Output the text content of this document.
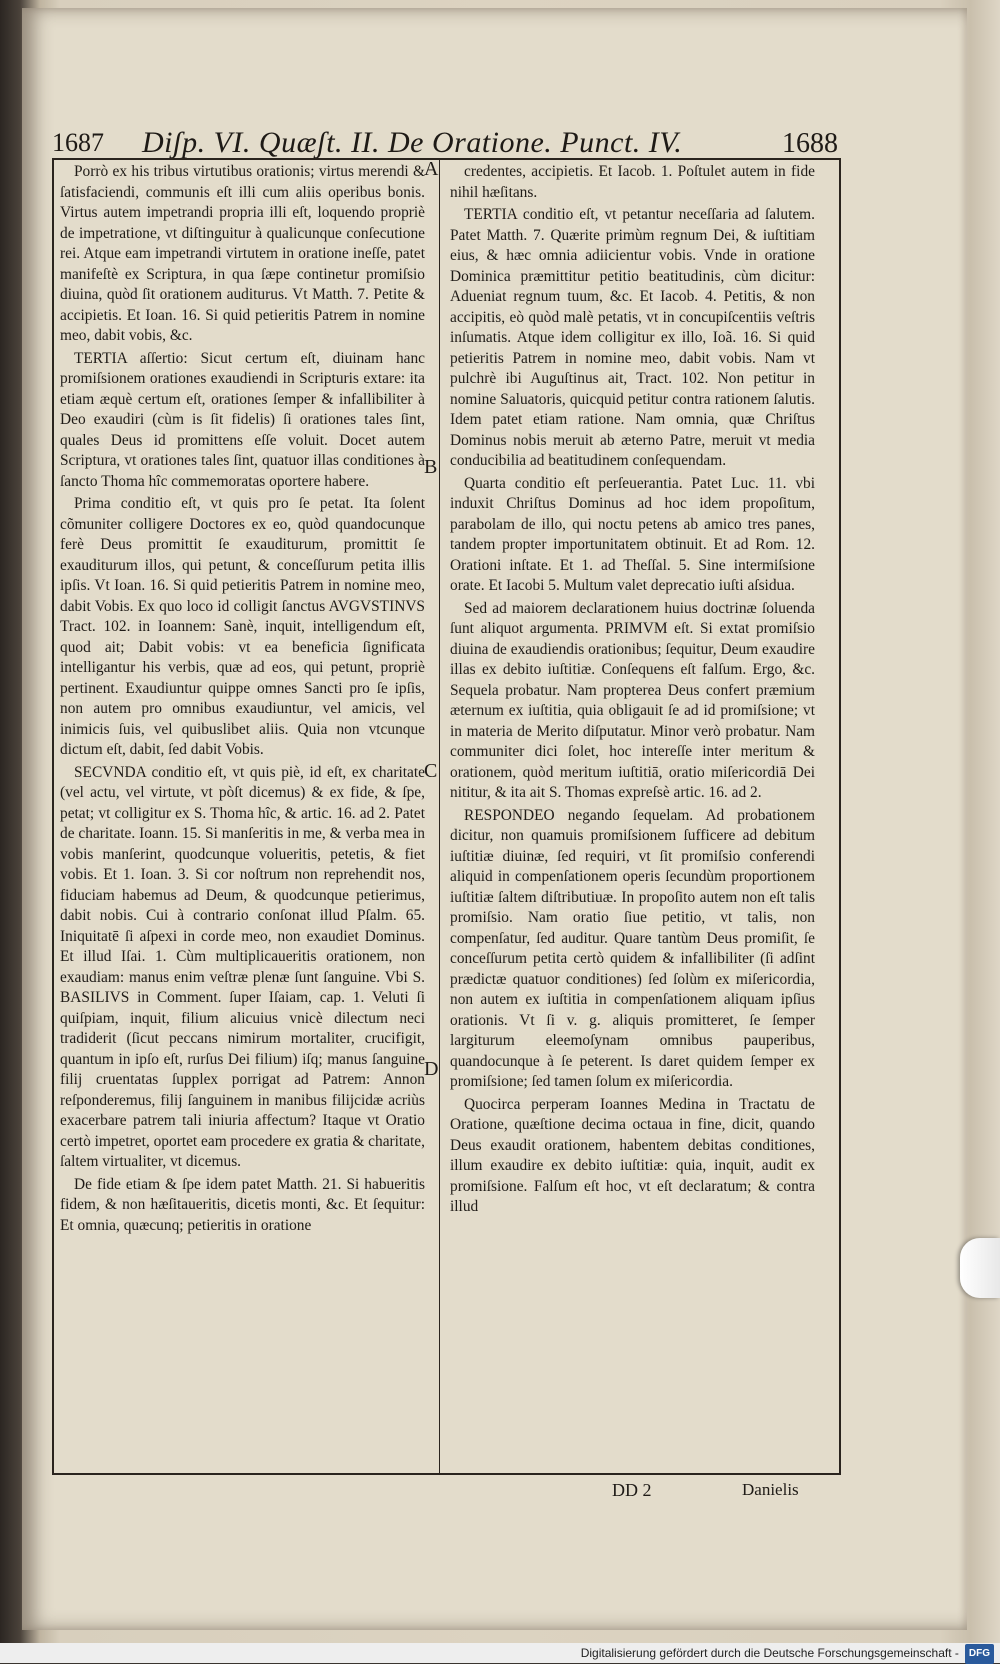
1687 Diʃp. VI. Quæʃt. II. De Oratione. Punct. IV.	1688

Porrò ex his tribus virtutibus orationis; virtus merendi & ſatisfaciendi, communis eſt illi cum aliis operibus bonis. Virtus autem impetrandi propria illi eſt, loquendo propriè de impetratione, vt diſtinguitur à qualicunque conſecutione rei. Atque eam impetrandi virtutem in oratione ineſſe, patet manifeſtè ex Scriptura, in qua ſæpe continetur promiſsio diuina, quòd ſit orationem auditurus. Vt Matth. 7. Petite & accipietis. Et Ioan. 16. Si quid petieritis Patrem in nomine meo, dabit vobis, &c.

TERTIA aſſertio: Sicut certum eſt, diuinam hanc promiſsionem orationes exaudiendi in Scripturis extare: ita etiam æquè certum eſt, orationes ſemper & infallibiliter à Deo exaudiri (cùm is ſit fidelis) ſi orationes tales ſint, quales Deus id promittens eſſe voluit. Docet autem Scriptura, vt orationes tales ſint, quatuor illas conditiones à ſancto Thoma hîc commemoratas oportere habere.

Prima conditio eſt, vt quis pro ſe petat. Ita ſolent cõmuniter colligere Doctores ex eo, quòd quandocunque ferè Deus promittit ſe exauditurum, promittit ſe exauditurum illos, qui petunt, & conceſſurum petita illis ipſis. Vt Ioan. 16. Si quid petieritis Patrem in nomine meo, dabit Vobis. Ex quo loco id colligit ſanctus AVGVSTINVS Tract. 102. in Ioannem: Sanè, inquit, intelligendum eſt, quod ait; Dabit vobis: vt ea beneficia ſignificata intelligantur his verbis, quæ ad eos, qui petunt, propriè pertinent. Exaudiuntur quippe omnes Sancti pro ſe ipſis, non autem pro omnibus exaudiuntur, vel amicis, vel inimicis ſuis, vel quibuslibet aliis. Quia non vtcunque dictum eſt, dabit, ſed dabit Vobis.

SECVNDA conditio eſt, vt quis piè, id eſt, ex charitate (vel actu, vel virtute, vt pòſt dicemus) & ex fide, & ſpe, petat; vt colligitur ex S. Thoma hîc, & artic. 16. ad 2. Patet de charitate. Ioann. 15. Si manſeritis in me, & verba mea in vobis manſerint, quodcunque volueritis, petetis, & fiet vobis. Et 1. Ioan. 3. Si cor noſtrum non reprehendit nos, fiduciam habemus ad Deum, & quodcunque petierimus, dabit nobis. Cui à contrario conſonat illud Pſalm. 65. Iniquitatē ſi aſpexi in corde meo, non exaudiet Dominus. Et illud Iſai. 1. Cùm multiplicaueritis orationem, non exaudiam: manus enim veſtræ plenæ ſunt ſanguine. Vbi S. BASILIVS in Comment. ſuper Iſaiam, cap. 1. Veluti ſi quiſpiam, inquit, filium alicuius vnicè dilectum neci tradiderit (ſicut peccans nimirum mortaliter, crucifigit, quantum in ipſo eſt, rurſus Dei filium) iſq; manus ſanguine filij cruentatas ſupplex porrigat ad Patrem: Annon reſponderemus, filij ſanguinem in manibus filijcidæ acriùs exacerbare patrem tali iniuria affectum? Itaque vt Oratio certò impetret, oportet eam procedere ex gratia & charitate, ſaltem virtualiter, vt dicemus.

De fide etiam & ſpe idem patet Matth. 21. Si habueritis fidem, & non hæſitaueritis, dicetis monti, &c. Et ſequitur: Et omnia, quæcunq; petieritis in oratione

credentes, accipietis. Et Iacob. 1. Poſtulet autem in fide nihil hæſitans.

TERTIA conditio eſt, vt petantur neceſſaria ad ſalutem. Patet Matth. 7. Quærite primùm regnum Dei, & iuſtitiam eius, & hæc omnia adiicientur vobis. Vnde in oratione Dominica præmittitur petitio beatitudinis, cùm dicitur: Adueniat regnum tuum, &c. Et Iacob. 4. Petitis, & non accipitis, eò quòd malè petatis, vt in concupiſcentiis veſtris inſumatis. Atque idem colligitur ex illo, Ioã. 16. Si quid petieritis Patrem in nomine meo, dabit vobis. Nam vt pulchrè ibi Auguſtinus ait, Tract. 102. Non petitur in nomine Saluatoris, quicquid petitur contra rationem ſalutis. Idem patet etiam ratione. Nam omnia, quæ Chriſtus Dominus nobis meruit ab æterno Patre, meruit vt media conducibilia ad beatitudinem conſequendam.

Quarta conditio eſt perſeuerantia. Patet Luc. 11. vbi induxit Chriſtus Dominus ad hoc idem propoſitum, parabolam de illo, qui noctu petens ab amico tres panes, tandem propter importunitatem obtinuit. Et ad Rom. 12. Orationi inſtate. Et 1. ad Theſſal. 5. Sine intermiſsione orate. Et Iacobi 5. Multum valet deprecatio iuſti aſsidua.

Sed ad maiorem declarationem huius doctrinæ ſoluenda ſunt aliquot argumenta. PRIMVM eſt. Si extat promiſsio diuina de exaudiendis orationibus; ſequitur, Deum exaudire illas ex debito iuſtitiæ. Conſequens eſt falſum. Ergo, &c. Sequela probatur. Nam propterea Deus confert præmium æternum ex iuſtitia, quia obligauit ſe ad id promiſsione; vt in materia de Merito diſputatur. Minor verò probatur. Nam communiter dici ſolet, hoc intereſſe inter meritum & orationem, quòd meritum iuſtitiā, oratio miſericordiā Dei nititur, & ita ait S. Thomas expreſsè artic. 16. ad 2.

RESPONDEO negando ſequelam. Ad probationem dicitur, non quamuis promiſsionem ſufficere ad debitum iuſtitiæ diuinæ, ſed requiri, vt ſit promiſsio conferendi aliquid in compenſationem operis ſecundùm proportionem iuſtitiæ ſaltem diſtributiuæ. In propoſito autem non eſt talis promiſsio. Nam oratio ſiue petitio, vt talis, non compenſatur, ſed auditur. Quare tantùm Deus promiſit, ſe conceſſurum petita certò quidem & infallibiliter (ſi adſint prædictæ quatuor conditiones) ſed ſolùm ex miſericordia, non autem ex iuſtitia in compenſationem aliquam ipſius orationis. Vt ſi v. g. aliquis promitteret, ſe ſemper largiturum eleemoſynam omnibus pauperibus, quandocunque à ſe peterent. Is daret quidem ſemper ex promiſsione; ſed tamen ſolum ex miſericordia.

Quocirca perperam Ioannes Medina in Tractatu de Oratione, quæſtione decima octaua in fine, dicit, quando Deus exaudit orationem, habentem debitas conditiones, illum exaudire ex debito iuſtitiæ: quia, inquit, audit ex promiſsione. Falſum eſt hoc, vt eſt declaratum; & contra illud

A
B
C
D
DD 2	Danielis
Digitalisierung gefördert durch die Deutsche Forschungsgemeinschaft - DFG
